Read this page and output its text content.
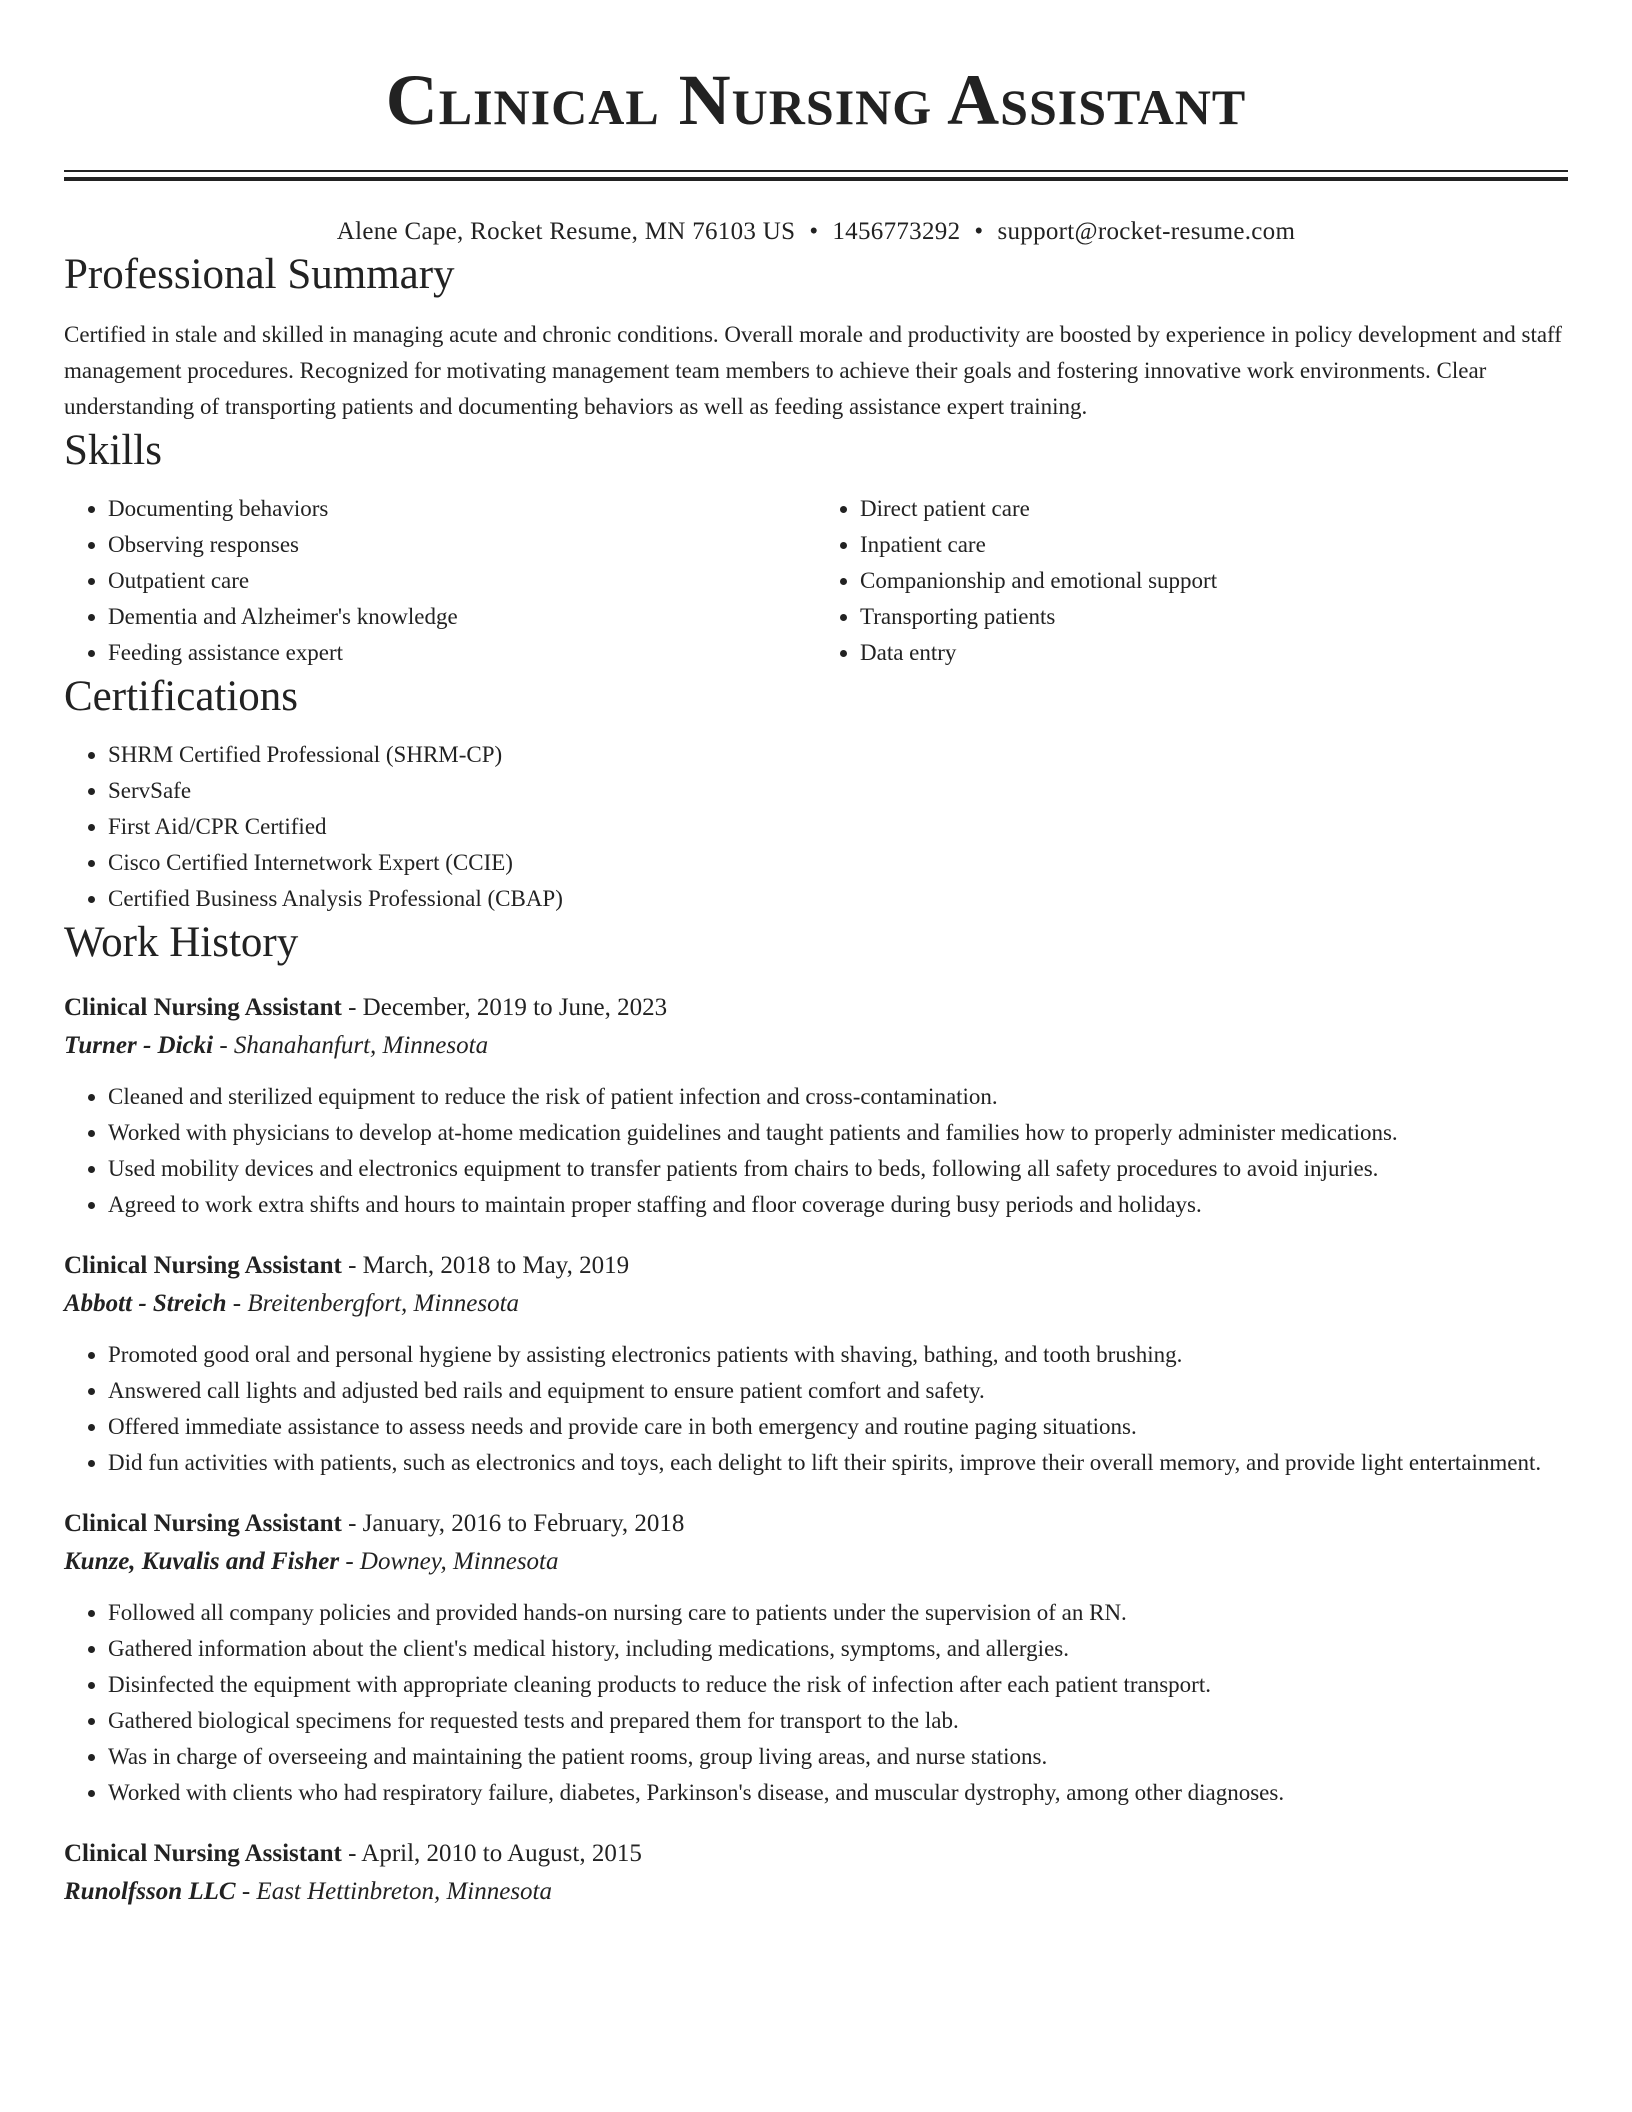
Clinical Nursing Assistant
Alene Cape, Rocket Resume, MN 76103 US • 1456773292 • support@rocket-resume.com
Professional Summary

Certified in stale and skilled in managing acute and chronic conditions. Overall morale and productivity are boosted by experience in policy development and staff management procedures. Recognized for motivating management team members to achieve their goals and fostering innovative work environments. Clear understanding of transporting patients and documenting behaviors as well as feeding assistance expert training.

Skills
• Documenting behaviors
• Observing responses
• Outpatient care
• Dementia and Alzheimer's knowledge
• Feeding assistance expert
• Direct patient care
• Inpatient care
• Companionship and emotional support
• Transporting patients
• Data entry
Certifications
• SHRM Certified Professional (SHRM-CP)
• ServSafe
• First Aid/CPR Certified
• Cisco Certified Internetwork Expert (CCIE)
• Certified Business Analysis Professional (CBAP)
Work History
Clinical Nursing Assistant - December, 2019 to June, 2023
Turner - Dicki - Shanahanfurt, Minnesota
• Cleaned and sterilized equipment to reduce the risk of patient infection and cross-contamination.
• Worked with physicians to develop at-home medication guidelines and taught patients and families how to properly administer medications.
• Used mobility devices and electronics equipment to transfer patients from chairs to beds, following all safety procedures to avoid injuries.
• Agreed to work extra shifts and hours to maintain proper staffing and floor coverage during busy periods and holidays.
Clinical Nursing Assistant - March, 2018 to May, 2019
Abbott - Streich - Breitenbergfort, Minnesota
• Promoted good oral and personal hygiene by assisting electronics patients with shaving, bathing, and tooth brushing.
• Answered call lights and adjusted bed rails and equipment to ensure patient comfort and safety.
• Offered immediate assistance to assess needs and provide care in both emergency and routine paging situations.
• Did fun activities with patients, such as electronics and toys, each delight to lift their spirits, improve their overall memory, and provide light entertainment.
Clinical Nursing Assistant - January, 2016 to February, 2018
Kunze, Kuvalis and Fisher - Downey, Minnesota
• Followed all company policies and provided hands-on nursing care to patients under the supervision of an RN.
• Gathered information about the client's medical history, including medications, symptoms, and allergies.
• Disinfected the equipment with appropriate cleaning products to reduce the risk of infection after each patient transport.
• Gathered biological specimens for requested tests and prepared them for transport to the lab.
• Was in charge of overseeing and maintaining the patient rooms, group living areas, and nurse stations.
• Worked with clients who had respiratory failure, diabetes, Parkinson's disease, and muscular dystrophy, among other diagnoses.
Clinical Nursing Assistant - April, 2010 to August, 2015
Runolfsson LLC - East Hettinbreton, Minnesota
